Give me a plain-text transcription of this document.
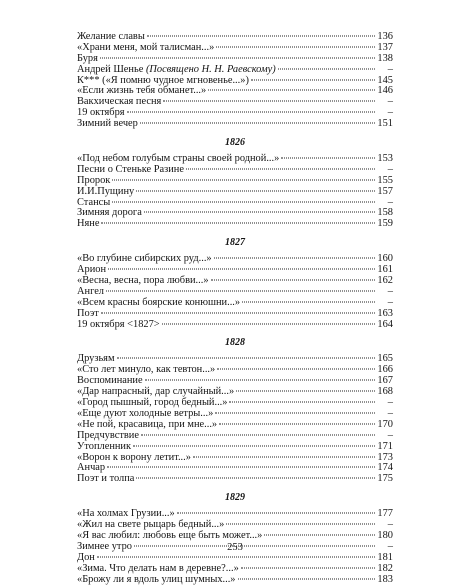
Желание славы	136
«Храни меня, мой талисман...»	137
Буря	138
Андрей Шенье (Посвящено Н. Н. Раевскому)	–
К*** («Я помню чудное мгновенье...»)	145
«Если жизнь тебя обманет...»	146
Вакхическая песня	–
19 октября	–
Зимний вечер	151
1826
«Под небом голубым страны своей родной...»	153
Песни о Стеньке Разине	–
Пророк	155
И.И.Пущину	157
Стансы	–
Зимняя дорога	158
Няне	159
1827
«Во глубине сибирских руд...»	160
Арион	161
«Весна, весна, пора любви...»	162
Ангел	–
«Всем красны боярские конюшни...»	–
Поэт	163
19 октября <1827>	164
1828
Друзьям	165
«Сто лет минуло, как тевтон...»	166
Воспоминание	167
«Дар напрасный, дар случайный...»	168
«Город пышный, город бедный...»	–
«Еще дуют холодные ветры...»	–
«Не пой, красавица, при мне...»	170
Предчувствие	–
Утопленник	171
«Ворон к ворону летит...»	173
Анчар	174
Поэт и толпа	175
1829
«На холмах Грузии...»	177
«Жил на свете рыцарь бедный...»	–
«Я вас любил: любовь еще быть может...»	180
Зимнее утро	–
Дон	181
«Зима. Что делать нам в деревне?...»	182
«Брожу ли я вдоль улиц шумных...»	183
253
